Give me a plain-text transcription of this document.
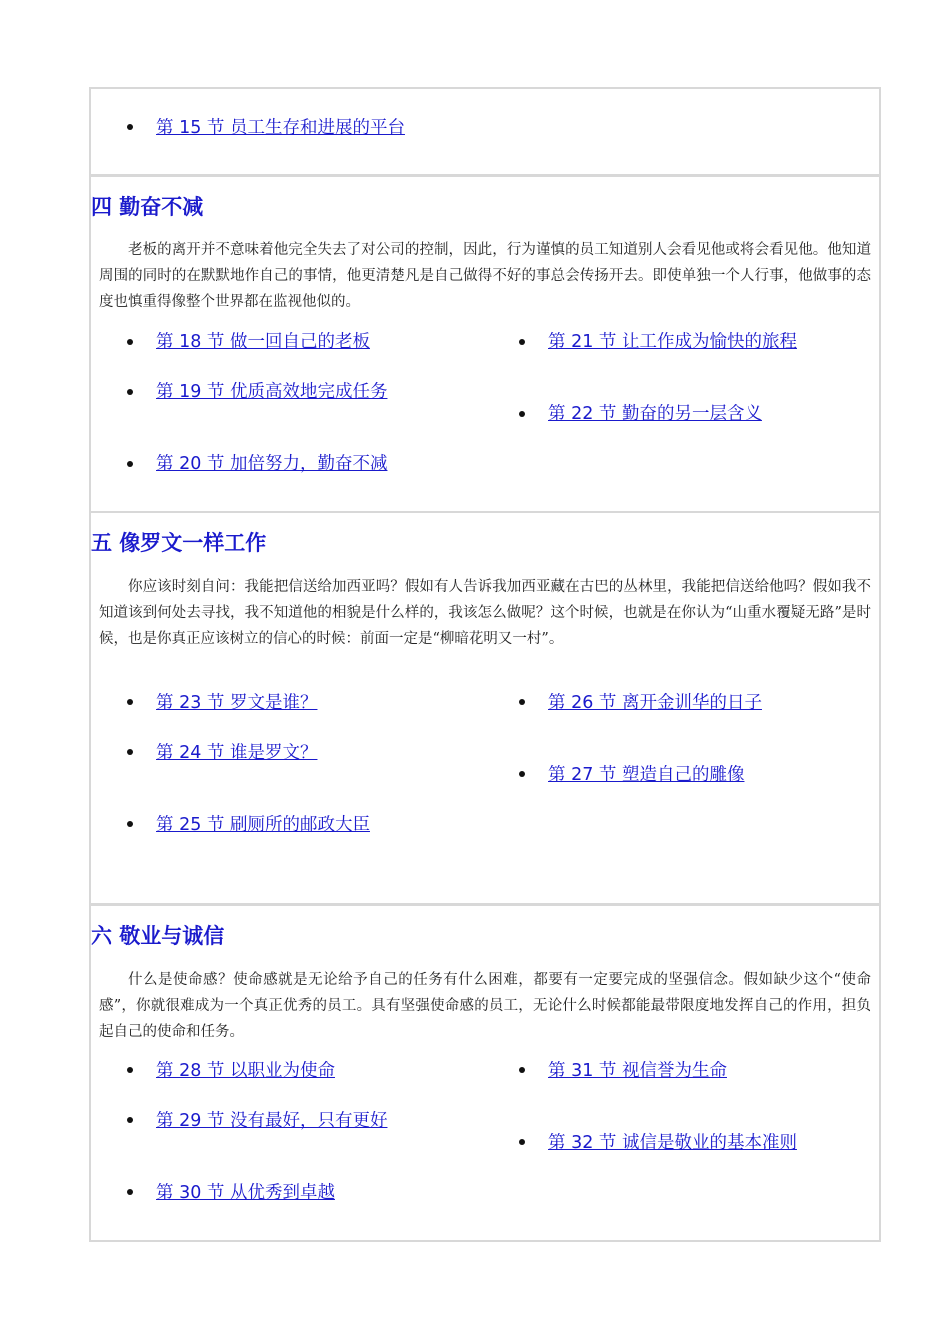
第 15 节 员工生存和进展的平台
四 勤奋不减

老板的离开并不意味着他完全失去了对公司的控制，因此，行为谨慎的员工知道别人会看见他或将会看见他。他知道周围的同时的在默默地作自己的事情，他更清楚凡是自己做得不好的事总会传扬开去。即使单独一个人行事，他做事的态度也慎重得像整个世界都在监视他似的。

第 18 节 做一回自己的老板
第 19 节 优质高效地完成任务
第 20 节 加倍努力，勤奋不减
第 21 节 让工作成为愉快的旅程
第 22 节 勤奋的另一层含义
五 像罗文一样工作

你应该时刻自问：我能把信送给加西亚吗？假如有人告诉我加西亚藏在古巴的丛林里，我能把信送给他吗？假如我不知道该到何处去寻找，我不知道他的相貌是什么样的，我该怎么做呢？这个时候，也就是在你认为“山重水覆疑无路”是时候，也是你真正应该树立的信心的时候：前面一定是“柳暗花明又一村”。

第 23 节 罗文是谁？
第 24 节 谁是罗文？
第 25 节 刷厕所的邮政大臣
第 26 节 离开金训华的日子
第 27 节 塑造自己的雕像
六 敬业与诚信

什么是使命感？使命感就是无论给予自己的任务有什么困难，都要有一定要完成的坚强信念。假如缺少这个“使命感”，你就很难成为一个真正优秀的员工。具有坚强使命感的员工，无论什么时候都能最带限度地发挥自己的作用，担负起自己的使命和任务。

第 28 节 以职业为使命
第 29 节 没有最好，只有更好
第 30 节 从优秀到卓越
第 31 节 视信誉为生命
第 32 节 诚信是敬业的基本准则
